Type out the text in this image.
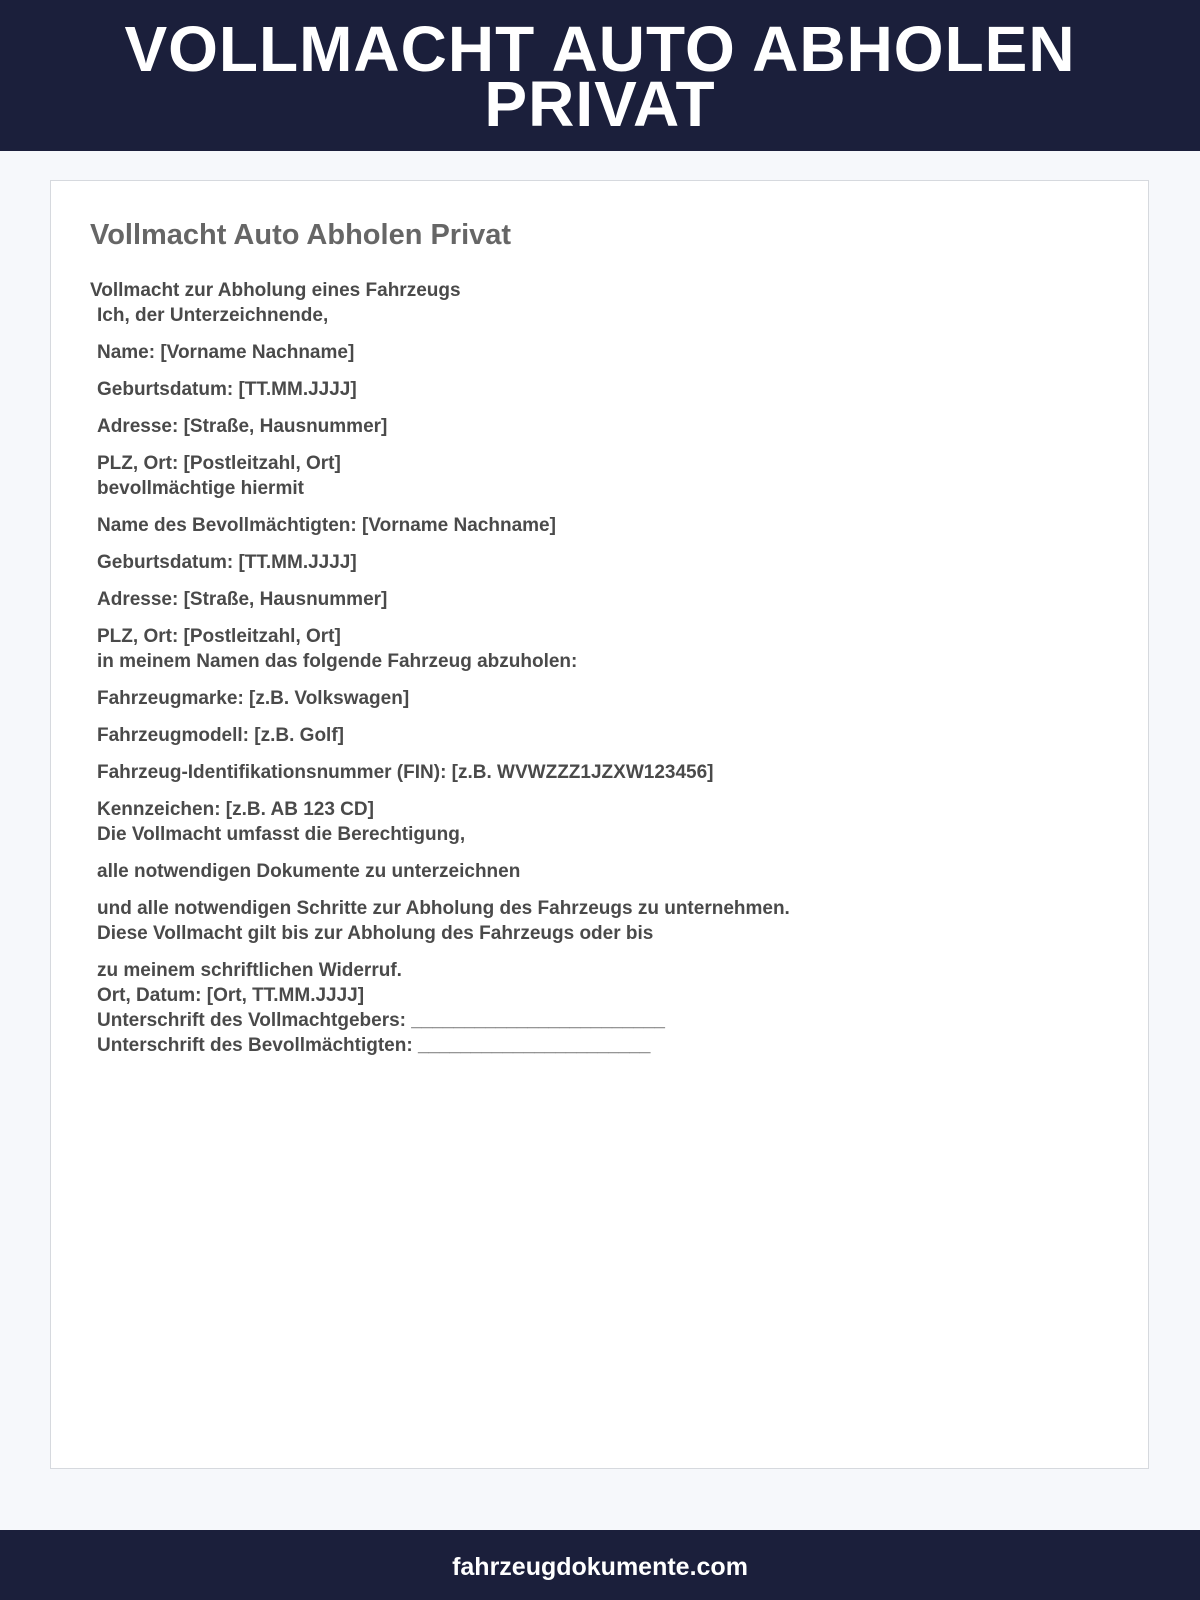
VOLLMACHT AUTO ABHOLEN PRIVAT
Vollmacht Auto Abholen Privat
Vollmacht zur Abholung eines Fahrzeugs
Ich, der Unterzeichnende,
Name: [Vorname Nachname]
Geburtsdatum: [TT.MM.JJJJ]
Adresse: [Straße, Hausnummer]
PLZ, Ort: [Postleitzahl, Ort]
bevollmächtige hiermit
Name des Bevollmächtigten: [Vorname Nachname]
Geburtsdatum: [TT.MM.JJJJ]
Adresse: [Straße, Hausnummer]
PLZ, Ort: [Postleitzahl, Ort]
in meinem Namen das folgende Fahrzeug abzuholen:
Fahrzeugmarke: [z.B. Volkswagen]
Fahrzeugmodell: [z.B. Golf]
Fahrzeug-Identifikationsnummer (FIN): [z.B. WVWZZZ1JZXW123456]
Kennzeichen: [z.B. AB 123 CD]
Die Vollmacht umfasst die Berechtigung,
alle notwendigen Dokumente zu unterzeichnen
und alle notwendigen Schritte zur Abholung des Fahrzeugs zu unternehmen.
Diese Vollmacht gilt bis zur Abholung des Fahrzeugs oder bis
zu meinem schriftlichen Widerruf.
Ort, Datum: [Ort, TT.MM.JJJJ]
Unterschrift des Vollmachtgebers: ________________________
Unterschrift des Bevollmächtigten: ______________________
fahrzeugdokumente.com
